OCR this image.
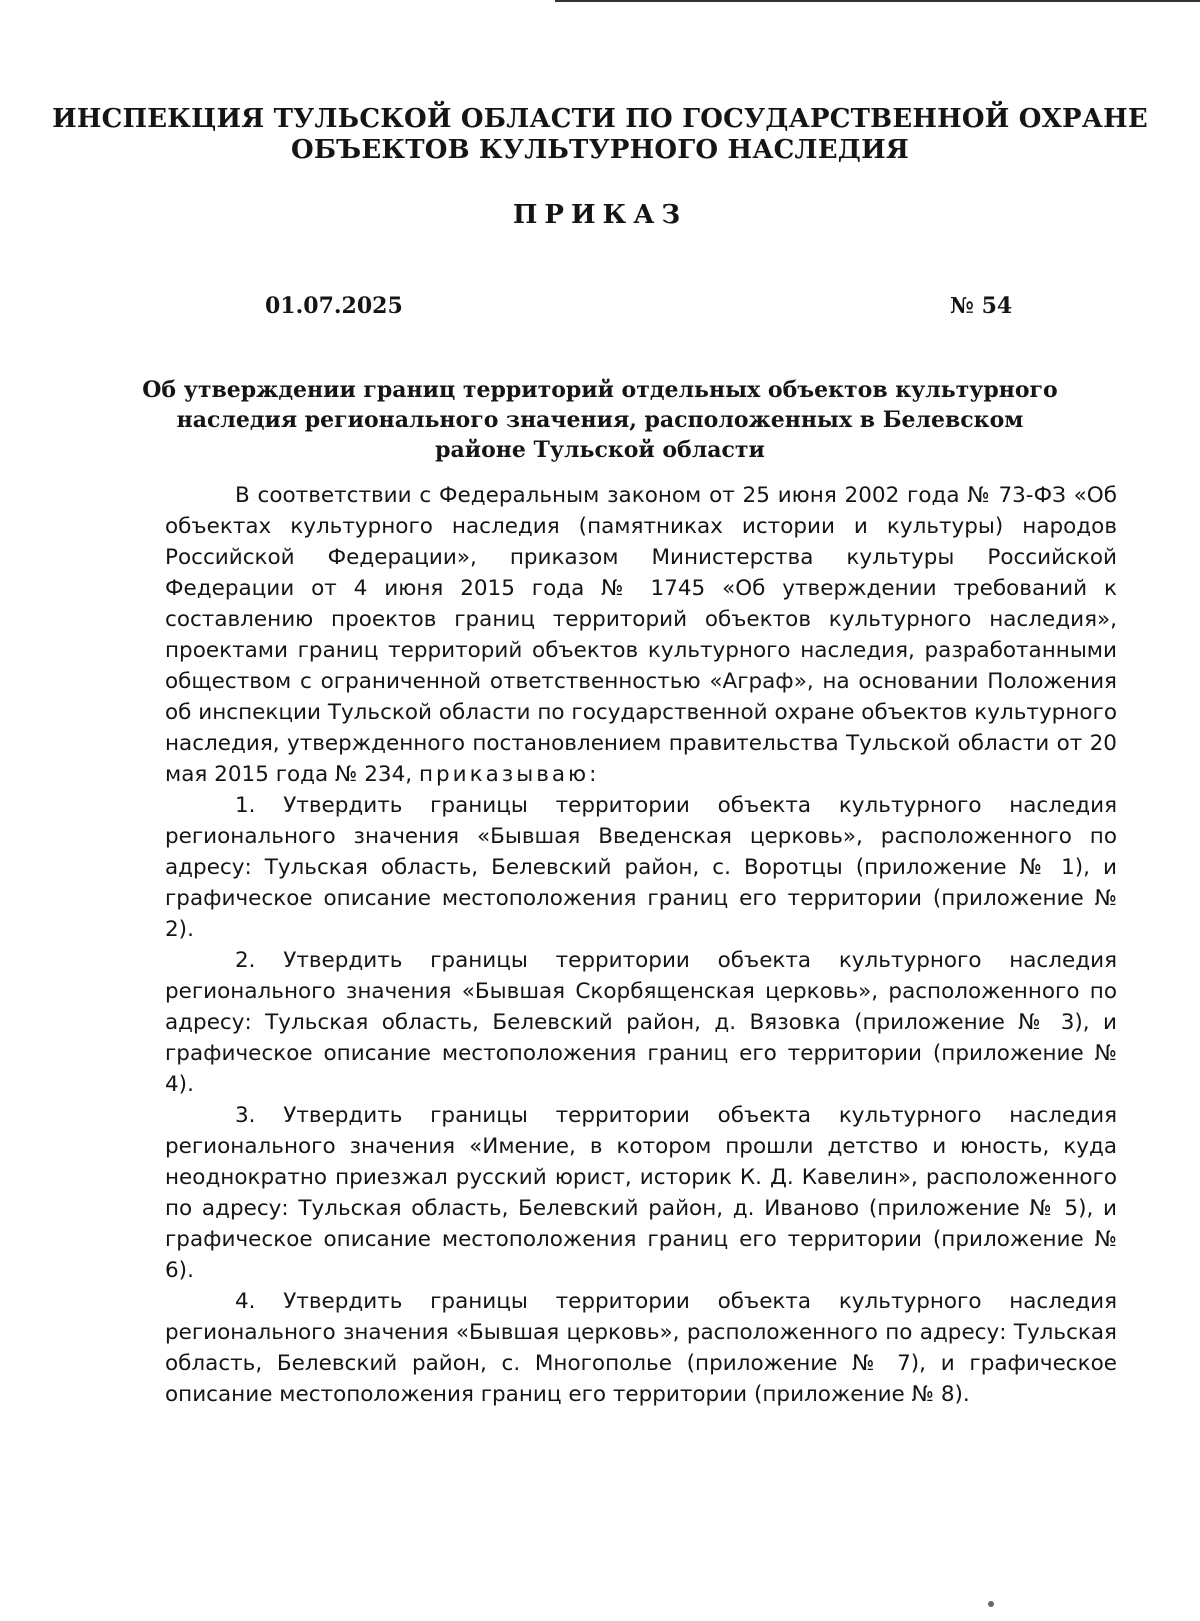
ИНСПЕКЦИЯ ТУЛЬСКОЙ ОБЛАСТИ ПО ГОСУДАРСТВЕННОЙ ОХРАНЕ ОБЪЕКТОВ КУЛЬТУРНОГО НАСЛЕДИЯ
ПРИКАЗ
01.07.2025	№ 54
Об утверждении границ территорий отдельных объектов культурного наследия регионального значения, расположенных в Белевском районе Тульской области

В соответствии с Федеральным законом от 25 июня 2002 года № 73-ФЗ «Об объектах культурного наследия (памятниках истории и культуры) народов Российской Федерации», приказом Министерства культуры Российской Федерации от 4 июня 2015 года № 1745 «Об утверждении требований к составлению проектов границ территорий объектов культурного наследия», проектами границ территорий объектов культурного наследия, разработанными обществом с ограниченной ответственностью «Аграф», на основании Положения об инспекции Тульской области по государственной охране объектов культурного наследия, утвержденного постановлением правительства Тульской области от 20 мая 2015 года № 234, приказываю:

1. Утвердить границы территории объекта культурного наследия регионального значения «Бывшая Введенская церковь», расположенного по адресу: Тульская область, Белевский район, с. Воротцы (приложение № 1), и графическое описание местоположения границ его территории (приложение № 2).

2. Утвердить границы территории объекта культурного наследия регионального значения «Бывшая Скорбященская церковь», расположенного по адресу: Тульская область, Белевский район, д. Вязовка (приложение № 3), и графическое описание местоположения границ его территории (приложение № 4).

3. Утвердить границы территории объекта культурного наследия регионального значения «Имение, в котором прошли детство и юность, куда неоднократно приезжал русский юрист, историк К. Д. Кавелин», расположенного по адресу: Тульская область, Белевский район, д. Иваново (приложение № 5), и графическое описание местоположения границ его территории (приложение № 6).

4. Утвердить границы территории объекта культурного наследия регионального значения «Бывшая церковь», расположенного по адресу: Тульская область, Белевский район, с. Многополье (приложение № 7), и графическое описание местоположения границ его территории (приложение № 8).
